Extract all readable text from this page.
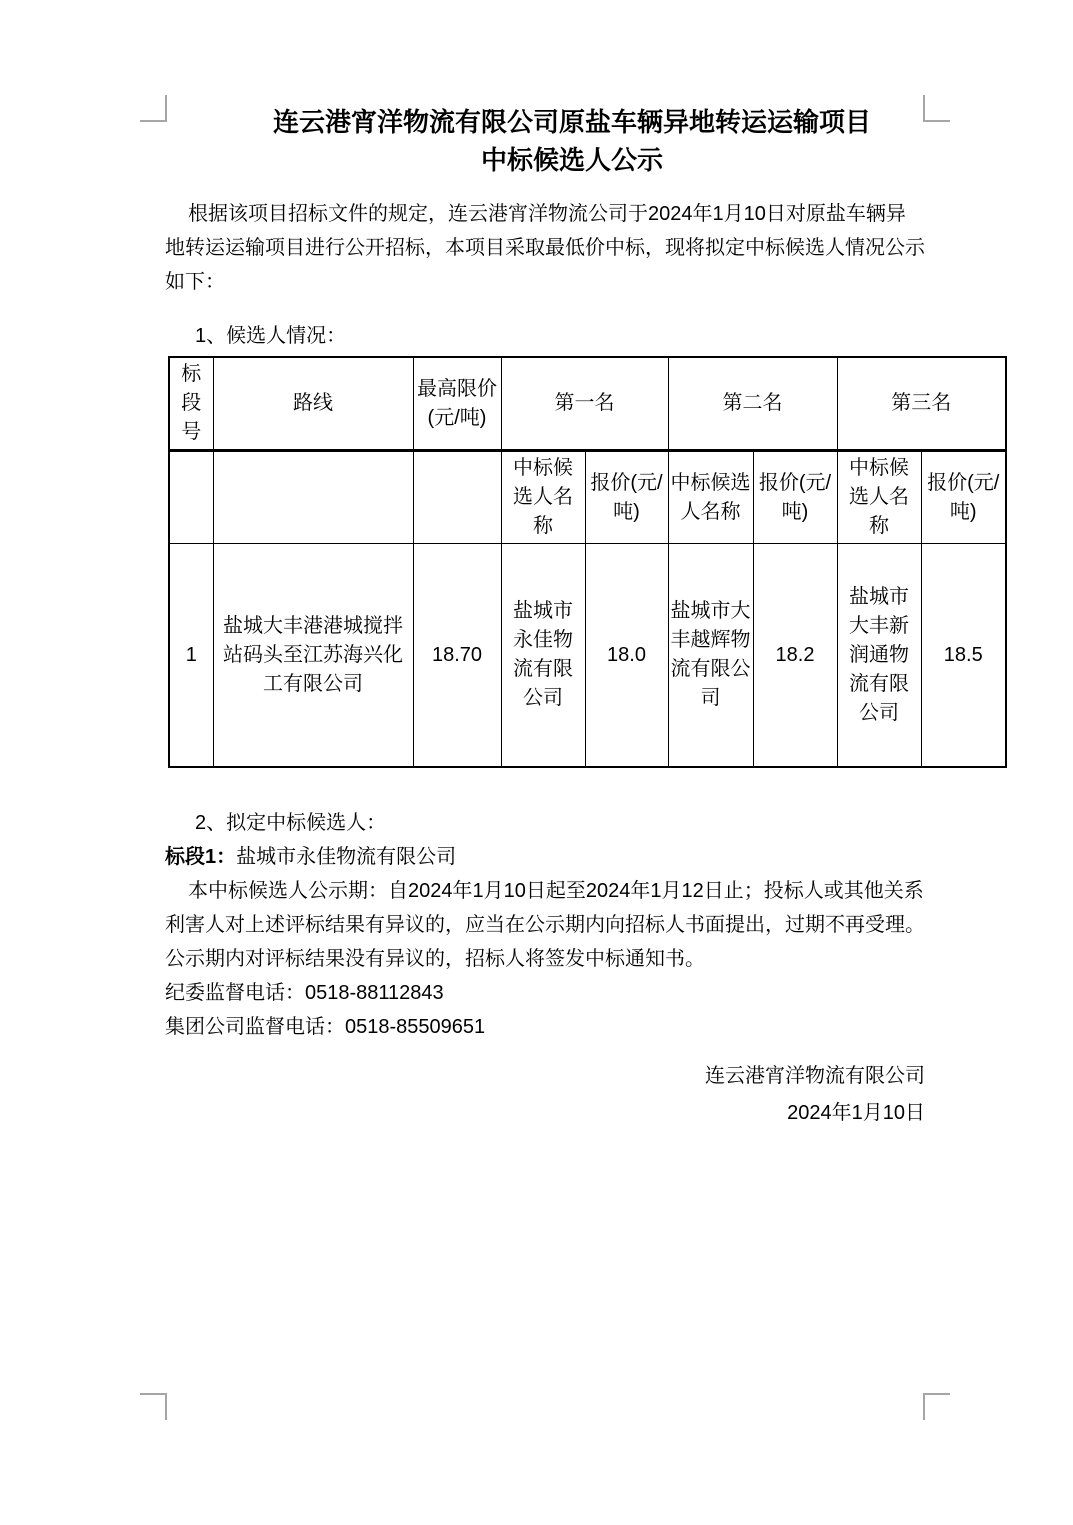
连云港宵洋物流有限公司原盐车辆异地转运运输项目
中标候选人公示

根据该项目招标文件的规定，连云港宵洋物流公司于2024年1月10日对原盐车辆异地转运运输项目进行公开招标，本项目采取最低价中标，现将拟定中标候选人情况公示如下：

1、候选人情况：
标段号	路线	最高限价(元/吨)	第一名		第二名		第三名	
			中标候选人名称	报价(元/吨)	中标候选人名称	报价(元/吨)	中标候选人名称	报价(元/吨)
1	盐城大丰港港城搅拌站码头至江苏海兴化工有限公司	18.70	盐城市永佳物流有限公司	18.0	盐城市大丰越辉物流有限公司	18.2	盐城市大丰新润通物流有限公司	18.5
2、拟定中标候选人：
标段1：盐城市永佳物流有限公司

本中标候选人公示期：自2024年1月10日起至2024年1月12日止；投标人或其他关系利害人对上述评标结果有异议的，应当在公示期内向招标人书面提出，过期不再受理。公示期内对评标结果没有异议的，招标人将签发中标通知书。

纪委监督电话：0518-88112843
集团公司监督电话：0518-85509651
连云港宵洋物流有限公司
2024年1月10日
